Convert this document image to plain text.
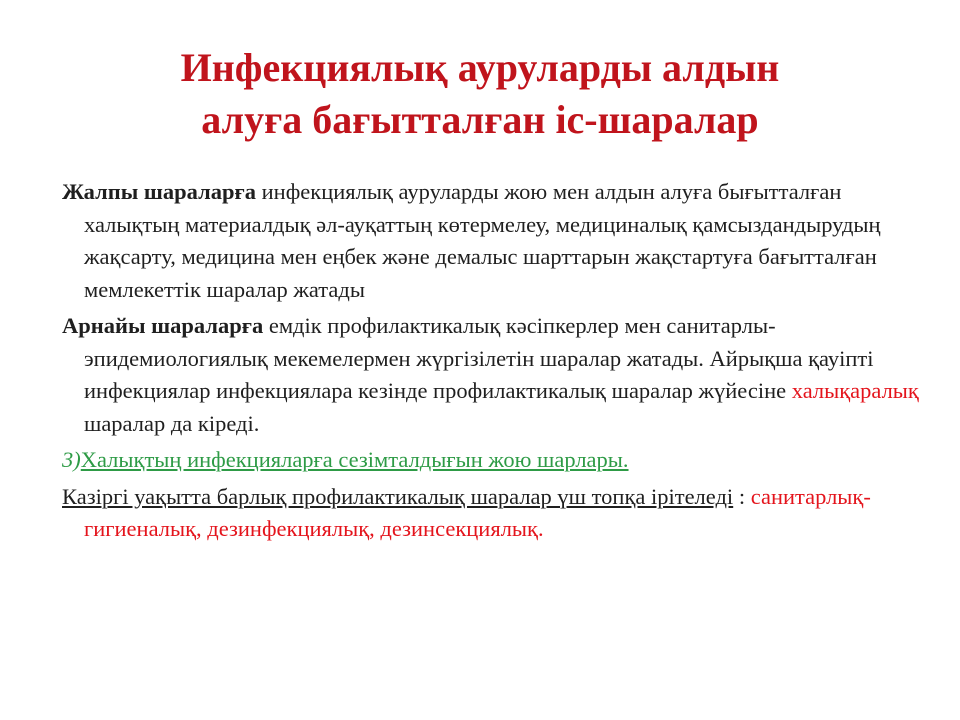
Инфекциялық ауруларды алдын
алуға бағытталған іс-шаралар

Жалпы шараларға инфекциялық ауруларды жою мен алдын алуға бығытталған халықтың материалдық әл-ауқаттың көтермелеу, медициналық қамсыздандырудың жақсарту, медицина мен еңбек және демалыс шарттарын жақстартуға бағытталған мемлекеттік шаралар жатады

Арнайы шараларға емдік профилактикалық кәсіпкерлер мен санитарлы-эпидемиологиялық мекемелермен жүргізілетін шаралар жатады. Айрықша қауіпті инфекциялар инфекциялара кезінде профилактикалық шаралар жүйесіне халықаралық шаралар да кіреді.

3)Халықтың инфекцияларға сезімталдығын жою шарлары.

Казіргі уақытта барлық профилактикалық шаралар үш топқа ірітеледі : санитарлық-гигиеналық, дезинфекциялық, дезинсекциялық.
